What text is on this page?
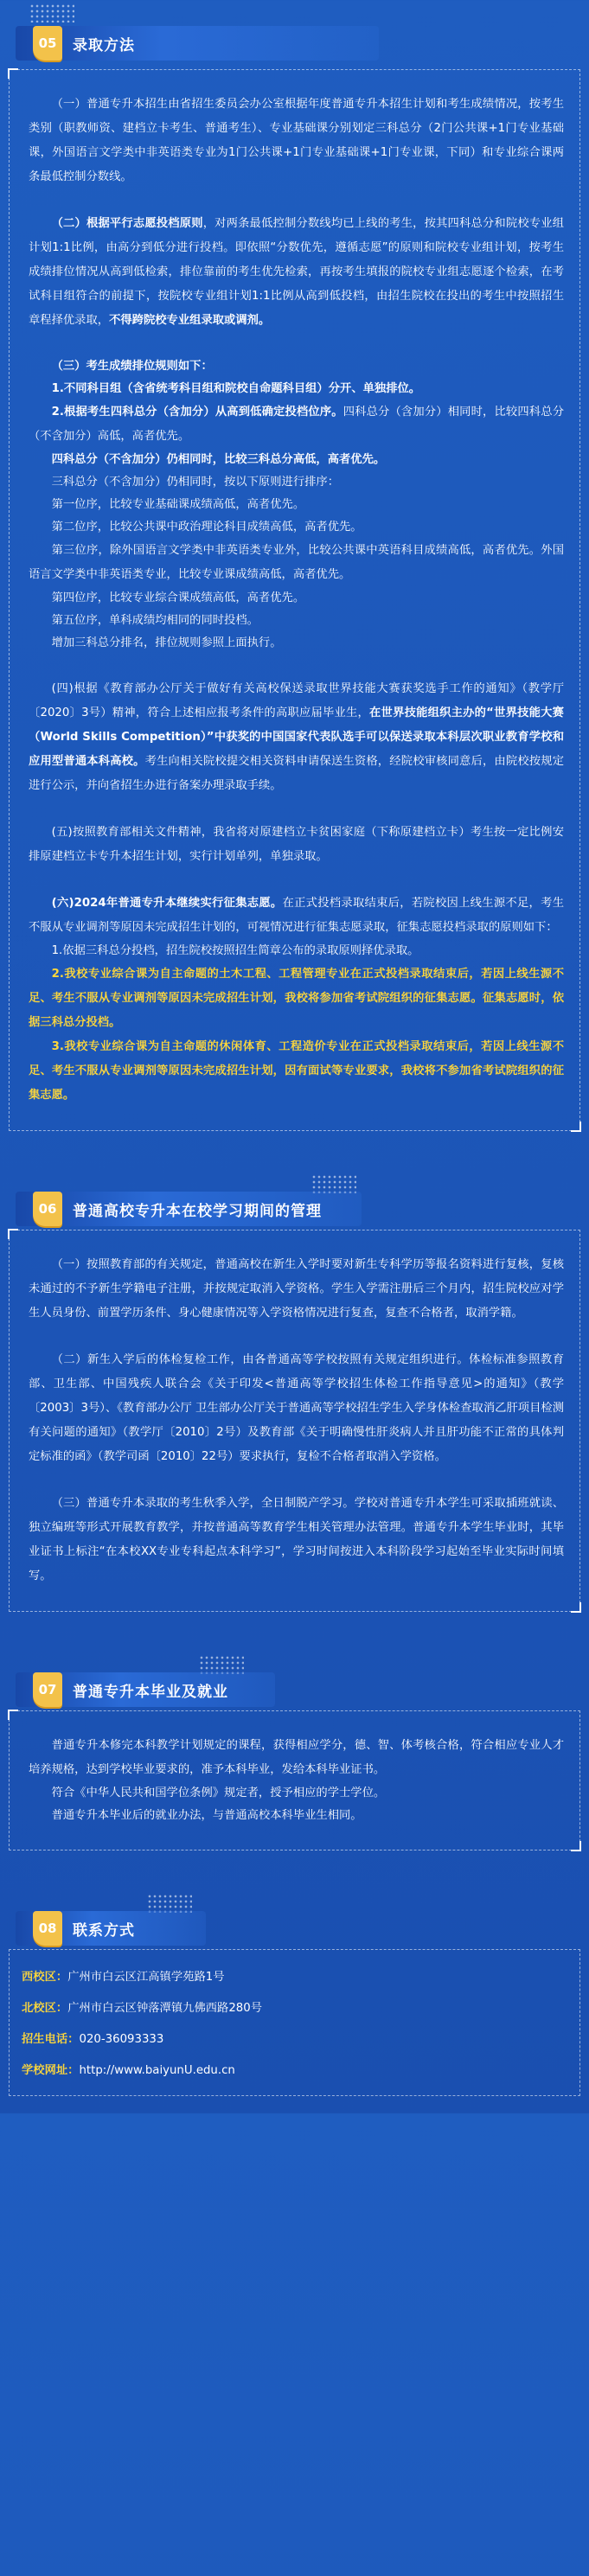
05	录取方法

（一）普通专升本招生由省招生委员会办公室根据年度普通专升本招生计划和考生成绩情况，按考生类别（职教师资、建档立卡考生、普通考生）、专业基础课分别划定三科总分（2门公共课+1门专业基础课，外国语言文学类中非英语类专业为1门公共课+1门专业基础课+1门专业课，下同）和专业综合课两条最低控制分数线。

（二）根据平行志愿投档原则，对两条最低控制分数线均已上线的考生，按其四科总分和院校专业组计划1:1比例，由高分到低分进行投档。即依照“分数优先，遵循志愿”的原则和院校专业组计划，按考生成绩排位情况从高到低检索，排位靠前的考生优先检索，再按考生填报的院校专业组志愿逐个检索，在考试科目组符合的前提下，按院校专业组计划1:1比例从高到低投档，由招生院校在投出的考生中按照招生章程择优录取，不得跨院校专业组录取或调剂。

（三）考生成绩排位规则如下：

1.不同科目组（含省统考科目组和院校自命题科目组）分开、单独排位。

2.根据考生四科总分（含加分）从高到低确定投档位序。四科总分（含加分）相同时，比较四科总分（不含加分）高低，高者优先。

四科总分（不含加分）仍相同时，比较三科总分高低，高者优先。

三科总分（不含加分）仍相同时，按以下原则进行排序：

第一位序，比较专业基础课成绩高低，高者优先。

第二位序，比较公共课中政治理论科目成绩高低，高者优先。

第三位序，除外国语言文学类中非英语类专业外，比较公共课中英语科目成绩高低，高者优先。外国语言文学类中非英语类专业，比较专业课成绩高低，高者优先。

第四位序，比较专业综合课成绩高低，高者优先。

第五位序，单科成绩均相同的同时投档。

增加三科总分排名，排位规则参照上面执行。

(四)根据《教育部办公厅关于做好有关高校保送录取世界技能大赛获奖选手工作的通知》（教学厅〔2020〕3号）精神，符合上述相应报考条件的高职应届毕业生，在世界技能组织主办的“世界技能大赛（World Skills Competition）”中获奖的中国国家代表队选手可以保送录取本科层次职业教育学校和应用型普通本科高校。考生向相关院校提交相关资料申请保送生资格，经院校审核同意后，由院校按规定进行公示，并向省招生办进行备案办理录取手续。

(五)按照教育部相关文件精神，我省将对原建档立卡贫困家庭（下称原建档立卡）考生按一定比例安排原建档立卡专升本招生计划，实行计划单列，单独录取。

(六)2024年普通专升本继续实行征集志愿。在正式投档录取结束后，若院校因上线生源不足，考生不服从专业调剂等原因未完成招生计划的，可视情况进行征集志愿录取，征集志愿投档录取的原则如下：

1.依据三科总分投档，招生院校按照招生简章公布的录取原则择优录取。

2.我校专业综合课为自主命题的土木工程、工程管理专业在正式投档录取结束后，若因上线生源不足、考生不服从专业调剂等原因未完成招生计划，我校将参加省考试院组织的征集志愿。征集志愿时，依据三科总分投档。

3.我校专业综合课为自主命题的休闲体育、工程造价专业在正式投档录取结束后，若因上线生源不足、考生不服从专业调剂等原因未完成招生计划，因有面试等专业要求，我校将不参加省考试院组织的征集志愿。

06	普通高校专升本在校学习期间的管理

（一）按照教育部的有关规定，普通高校在新生入学时要对新生专科学历等报名资料进行复核，复核未通过的不予新生学籍电子注册，并按规定取消入学资格。学生入学需注册后三个月内，招生院校应对学生人员身份、前置学历条件、身心健康情况等入学资格情况进行复查，复查不合格者，取消学籍。

（二）新生入学后的体检复检工作，由各普通高等学校按照有关规定组织进行。体检标准参照教育部、卫生部、中国残疾人联合会《关于印发<普通高等学校招生体检工作指导意见>的通知》（教学〔2003〕3号）、《教育部办公厅 卫生部办公厅关于普通高等学校招生学生入学身体检查取消乙肝项目检测有关问题的通知》（教学厅〔2010〕2号）及教育部《关于明确慢性肝炎病人并且肝功能不正常的具体判定标准的函》（教学司函〔2010〕22号）要求执行，复检不合格者取消入学资格。

（三）普通专升本录取的考生秋季入学，全日制脱产学习。学校对普通专升本学生可采取插班就读、独立编班等形式开展教育教学，并按普通高等教育学生相关管理办法管理。普通专升本学生毕业时，其毕业证书上标注“在本校XX专业专科起点本科学习”，学习时间按进入本科阶段学习起始至毕业实际时间填写。

07	普通专升本毕业及就业

普通专升本修完本科教学计划规定的课程，获得相应学分，德、智、体考核合格，符合相应专业人才培养规格，达到学校毕业要求的，准予本科毕业，发给本科毕业证书。

符合《中华人民共和国学位条例》规定者，授予相应的学士学位。

普通专升本毕业后的就业办法，与普通高校本科毕业生相同。

08	联系方式
西校区：广州市白云区江高镇学苑路1号
北校区：广州市白云区钟落潭镇九佛西路280号
招生电话：020-36093333
学校网址：http://www.baiyunU.edu.cn
